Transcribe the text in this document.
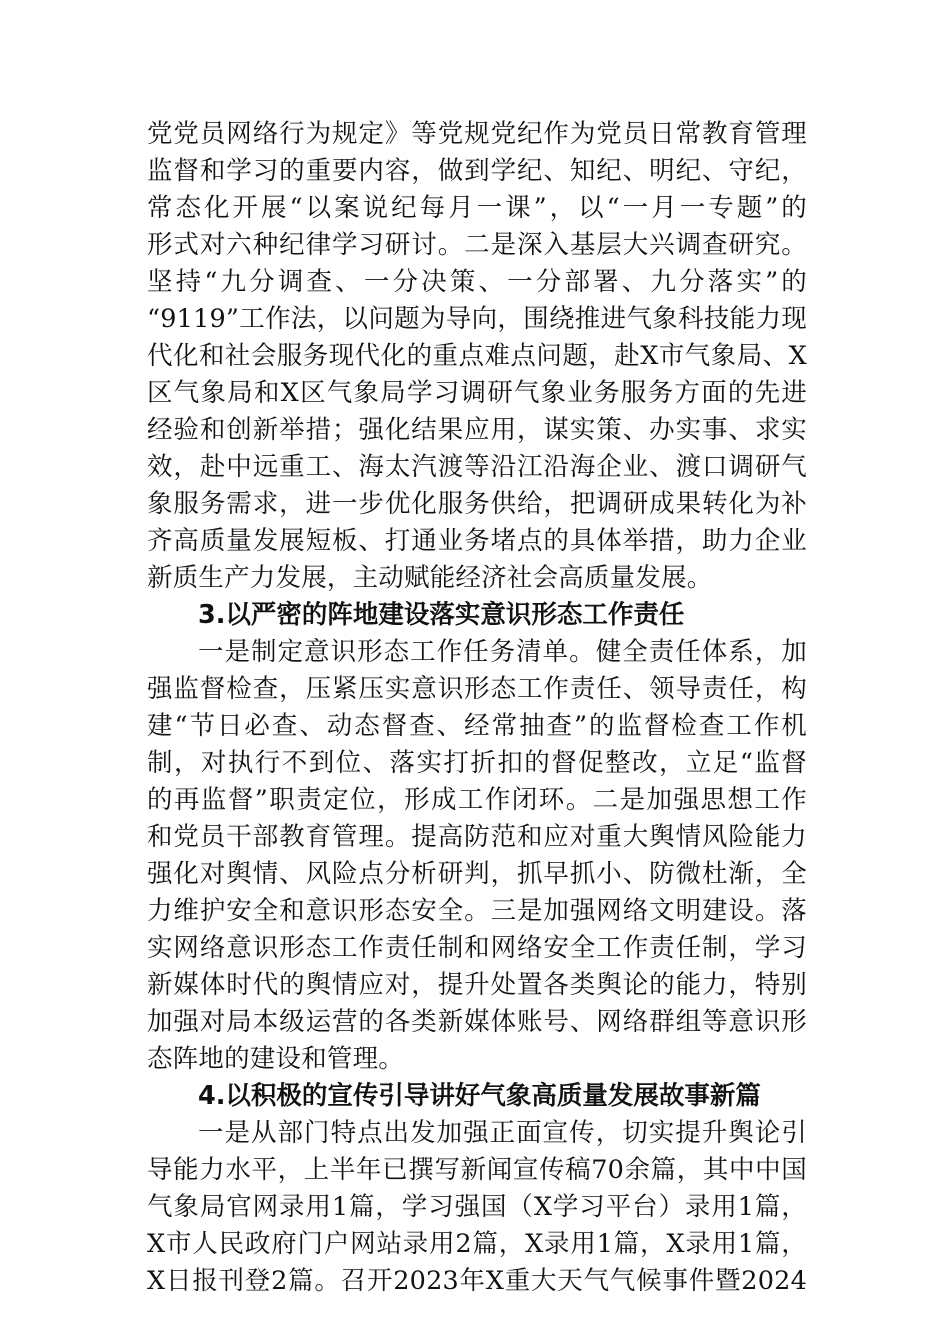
党党员网络行为规定》等党规党纪作为党员日常教育管理
监督和学习的重要内容，做到学纪、知纪、明纪、守纪，
常态化开展“以案说纪每月一课”，以“一月一专题”的
形式对六种纪律学习研讨。二是深入基层大兴调查研究。
坚持“九分调查、一分决策、一分部署、九分落实”的
“9119”工作法，以问题为导向，围绕推进气象科技能力现
代化和社会服务现代化的重点难点问题，赴X市气象局、X
区气象局和X区气象局学习调研气象业务服务方面的先进
经验和创新举措；强化结果应用，谋实策、办实事、求实
效，赴中远重工、海太汽渡等沿江沿海企业、渡口调研气
象服务需求，进一步优化服务供给，把调研成果转化为补
齐高质量发展短板、打通业务堵点的具体举措，助力企业
新质生产力发展，主动赋能经济社会高质量发展。
3.以严密的阵地建设落实意识形态工作责任
一是制定意识形态工作任务清单。健全责任体系，加
强监督检查，压紧压实意识形态工作责任、领导责任，构
建“节日必查、动态督查、经常抽查”的监督检查工作机
制，对执行不到位、落实打折扣的督促整改，立足“监督
的再监督”职责定位，形成工作闭环。二是加强思想工作
和党员干部教育管理。提高防范和应对重大舆情风险能力
强化对舆情、风险点分析研判，抓早抓小、防微杜渐，全
力维护安全和意识形态安全。三是加强网络文明建设。落
实网络意识形态工作责任制和网络安全工作责任制，学习
新媒体时代的舆情应对，提升处置各类舆论的能力，特别
加强对局本级运营的各类新媒体账号、网络群组等意识形
态阵地的建设和管理。
4.以积极的宣传引导讲好气象高质量发展故事新篇
一是从部门特点出发加强正面宣传，切实提升舆论引
导能力水平，上半年已撰写新闻宣传稿70余篇，其中中国
气象局官网录用1篇，学习强国（X学习平台）录用1篇，
X市人民政府门户网站录用2篇，X录用1篇，X录用1篇，
X日报刊登2篇。召开2023年X重大天气气候事件暨2024
